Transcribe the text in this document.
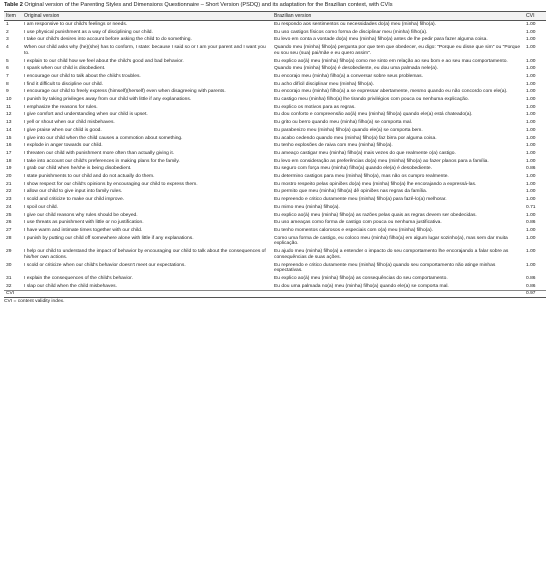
Table 2 Original version of the Parenting Styles and Dimensions Questionnaire – Short Version (PSDQ) and its adaptation for the Brazilian context, with CVIs
Item	Original version	Brazilian version	CVI
1	I am responsive to our child's feelings or needs.	Eu respondo aos sentimentos ou necessidades do(a) meu (minha) filho(a).	1.00
2	I use physical punishment as a way of disciplining our child.	Eu uso castigos físicos como forma de disciplinar meu (minha) filho(a).	1.00
3	I take our child's desires into account before asking the child to do something.	Eu levo em conta a vontade do(a) meu (minha) filho(a) antes de lhe pedir para fazer alguma coisa.	1.00
4	When our child asks why (he)(she) has to conform, I state: because I said so or I am your parent and I want you to.	Quando meu (minha) filho(a) pergunta por que tem que obedecer, eu digo: "Porque eu disse que sim" ou "Porque eu sou seu (sua) pai/mãe e eu quero assim".	1.00
5	I explain to our child how we feel about the child's good and bad behavior.	Eu explico ao(à) meu (minha) filho(a) como me sinto em relação ao seu bom e ao seu mau comportamento.	1.00
6	I spank when our child is disobedient.	Quando meu (minha) filho(a) é desobediente, eu dou uma palmada nele(a).	1.00
7	I encourage our child to talk about the child's troubles.	Eu encorajo meu (minha) filho(a) a conversar sobre seus problemas.	1.00
8	I find it difficult to discipline our child.	Eu acho difícil disciplinar meu (minha) filho(a).	1.00
9	I encourage our child to freely express (himself)(herself) even when disagreeing with parents.	Eu encorajo meu (minha) filho(a) a se expressar abertamente, mesmo quando eu não concordo com ele(a).	1.00
10	I punish by taking privileges away from our child with little if any explanations.	Eu castigo meu (minha) filho(a) lhe tirando privilégios com pouca ou nenhuma explicação.	1.00
11	I emphasize the reasons for rules.	Eu explico os motivos para as regras.	1.00
12	I give comfort and understanding when our child is upset.	Eu dou conforto e compreensão ao(à) meu (minha) filho(a) quando ele(a) está chateado(a).	1.00
13	I yell or shout when our child misbehaves.	Eu grito ou berro quando meu (minha) filho(a) se comporta mal.	1.00
14	I give praise when our child is good.	Eu parabenizo meu (minha) filho(a) quando ele(a) se comporta bem.	1.00
15	I give into our child when the child causes a commotion about something.	Eu acabo cedendo quando meu (minha) filho(a) faz birra por alguma coisa.	1.00
16	I explode in anger towards our child.	Eu tenho explosões de raiva com meu (minha) filho(a).	1.00
17	I threaten our child with punishment more often than actually giving it.	Eu ameaço castigar meu (minha) filho(a) mais vezes do que realmente o(a) castigo.	1.00
18	I take into account our child's preferences in making plans for the family.	Eu levo em consideração as preferências do(a) meu (minha) filho(a) ao fazer planos para a família.	1.00
19	I grab our child when he/she is being disobedient.	Eu seguro com força meu (minha) filho(a) quando ele(a) é desobediente.	0.86
20	I state punishments to our child and do not actually do them.	Eu determino castigos para meu (minha) filho(a), mas não os cumpro realmente.	1.00
21	I show respect for our child's opinions by encouraging our child to express them.	Eu mostro respeito pelas opiniões do(a) meu (minha) filho(a) lhe encorajando a expressá-las.	1.00
22	I allow our child to give input into family rules.	Eu permito que meu (minha) filho(a) dê opiniões nas regras da família.	1.00
23	I scold and criticize to make our child improve.	Eu repreendo e critico duramente meu (minha) filho(a) para fazê-lo(a) melhorar.	1.00
24	I spoil our child.	Eu mimo meu (minha) filho(a).	0.71
25	I give our child reasons why rules should be obeyed.	Eu explico ao(à) meu (minha) filho(a) as razões pelas quais as regras devem ser obedecidas.	1.00
26	I use threats as punishment with little or no justification.	Eu uso ameaças como forma de castigo com pouca ou nenhuma justificativa.	0.86
27	I have warm and intimate times together with our child.	Eu tenho momentos calorosos e especiais com o(a) meu (minha) filho(a).	1.00
28	I punish by putting our child off somewhere alone with little if any explanations.	Como uma forma de castigo, eu coloco meu (minha) filho(a) em algum lugar sozinho(a), mas sem dar muita explicação.	1.00
29	I help our child to understand the impact of behavior by encouraging our child to talk about the consequences of his/her own actions.	Eu ajudo meu (minha) filho(a) a entender o impacto do seu comportamento lhe encorajando a falar sobre as consequências de suas ações.	1.00
30	I scold or criticize when our child's behavior doesn't meet our expectations.	Eu repreendo e critico duramente meu (minha) filho(a) quando seu comportamento não atinge minhas expectativas.	1.00
31	I explain the consequences of the child's behavior.	Eu explico ao(à) meu (minha) filho(a) as consequências do seu comportamento.	0.86
32	I slap our child when the child misbehaves.	Eu dou uma palmada no(a) meu (minha) filho(a) quando ele(a) se comporta mal.	0.86
CVI			0.97
CVI = content validity index.
